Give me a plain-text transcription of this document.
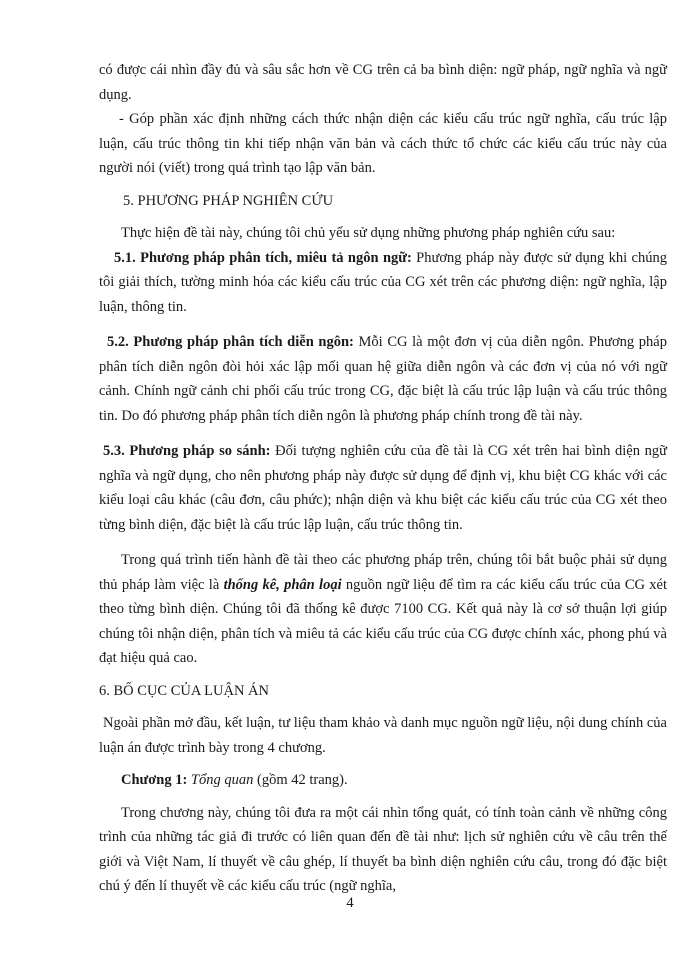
có được cái nhìn đầy đủ và sâu sắc hơn về CG trên cả ba bình diện: ngữ pháp, ngữ nghĩa và ngữ dụng.

- Góp phần xác định những cách thức nhận diện các kiểu cấu trúc ngữ nghĩa, cấu trúc lập luận, cấu trúc thông tin khi tiếp nhận văn bản và cách thức tổ chức các kiểu cấu trúc này của người nói (viết) trong quá trình tạo lập văn bản.

5. PHƯƠNG PHÁP NGHIÊN CỨU

Thực hiện đề tài này, chúng tôi chủ yếu sử dụng những phương pháp nghiên cứu sau:

5.1. Phương pháp phân tích, miêu tả ngôn ngữ: Phương pháp này được sử dụng khi chúng tôi giải thích, tường minh hóa các kiểu cấu trúc của CG xét trên các phương diện: ngữ nghĩa, lập luận, thông tin.

5.2. Phương pháp phân tích diễn ngôn: Mỗi CG là một đơn vị của diễn ngôn. Phương pháp phân tích diễn ngôn đòi hỏi xác lập mối quan hệ giữa diễn ngôn và các đơn vị của nó với ngữ cảnh. Chính ngữ cảnh chi phối cấu trúc trong CG, đặc biệt là cấu trúc lập luận và cấu trúc thông tin. Do đó phương pháp phân tích diễn ngôn là phương pháp chính trong đề tài này.

5.3. Phương pháp so sánh: Đối tượng nghiên cứu của đề tài là CG xét trên hai bình diện ngữ nghĩa và ngữ dụng, cho nên phương pháp này được sử dụng để định vị, khu biệt CG khác với các kiểu loại câu khác (câu đơn, câu phức); nhận diện và khu biệt các kiểu cấu trúc của CG xét theo từng bình diện, đặc biệt là cấu trúc lập luận, cấu trúc thông tin.

Trong quá trình tiến hành đề tài theo các phương pháp trên, chúng tôi bắt buộc phải sử dụng thủ pháp làm việc là thống kê, phân loại nguồn ngữ liệu để tìm ra các kiểu cấu trúc của CG xét theo từng bình diện. Chúng tôi đã thống kê được 7100 CG. Kết quả này là cơ sở thuận lợi giúp chúng tôi nhận diện, phân tích và miêu tả các kiểu cấu trúc của CG được chính xác, phong phú và đạt hiệu quả cao.

6. BỐ CỤC CỦA LUẬN ÁN

Ngoài phần mở đầu, kết luận, tư liệu tham khảo và danh mục nguồn ngữ liệu, nội dung chính của luận án được trình bày trong 4 chương.

Chương 1: Tổng quan (gồm 42 trang).

Trong chương này, chúng tôi đưa ra một cái nhìn tổng quát, có tính toàn cảnh về những công trình của những tác giả đi trước có liên quan đến đề tài như: lịch sử nghiên cứu về câu trên thế giới và Việt Nam, lí thuyết về câu ghép, lí thuyết ba bình diện nghiên cứu câu, trong đó đặc biệt chú ý đến lí thuyết về các kiểu cấu trúc (ngữ nghĩa,

4
